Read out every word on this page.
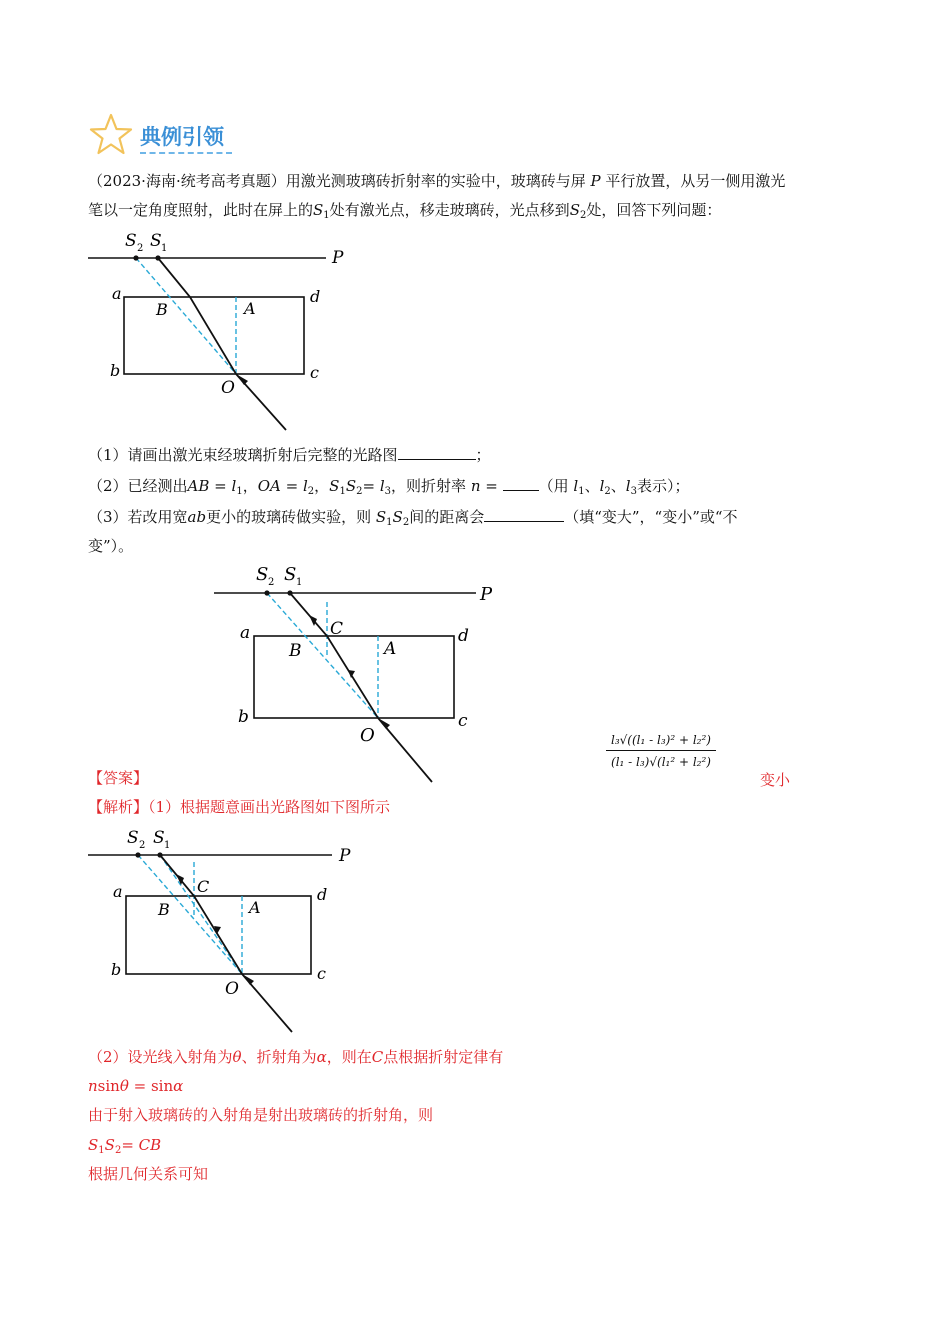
典例引领
（2023·海南·统考高考真题）用激光测玻璃砖折射率的实验中，玻璃砖与屏 P 平行放置，从另一侧用激光
笔以一定角度照射，此时在屏上的$S_1$处有激光点，移走玻璃砖，光点移到$S_2$处，回答下列问题：
S 2 S 1	P
a
b	c
d
A
B
O
（1）请画出激光束经玻璃折射后完整的光路图	；
（2）已经测出AB = $l_1$，OA = $l_2$，$S_1S_2= l_3$，则折射率 n = （用 $l_1$、$l_2$、$l_3$表示）；
（3）若改用宽ab更小的玻璃砖做实验，则 $S_1S_2$间的距离会	（填“变大”，“变小”或“不
变”）。
S 2 S 1
P
a
b	c
d
A
B
C
O	$\frac{\text{l₃√((l₁ - l₃)² + l₂²)}}{\text{(l₁ - l₃)√(l₁² + l₂²)}}$
【答案】	变小
【解析】（1）根据题意画出光路图如下图所示
S 2 S 1
P
a
b	c
d
A
B
C
O
（2）设光线入射角为θ、折射角为α，则在C点根据折射定律有
nsinθ = sinα
由于射入玻璃砖的入射角是射出玻璃砖的折射角，则
$S_1S_2=$ CB
根据几何关系可知
